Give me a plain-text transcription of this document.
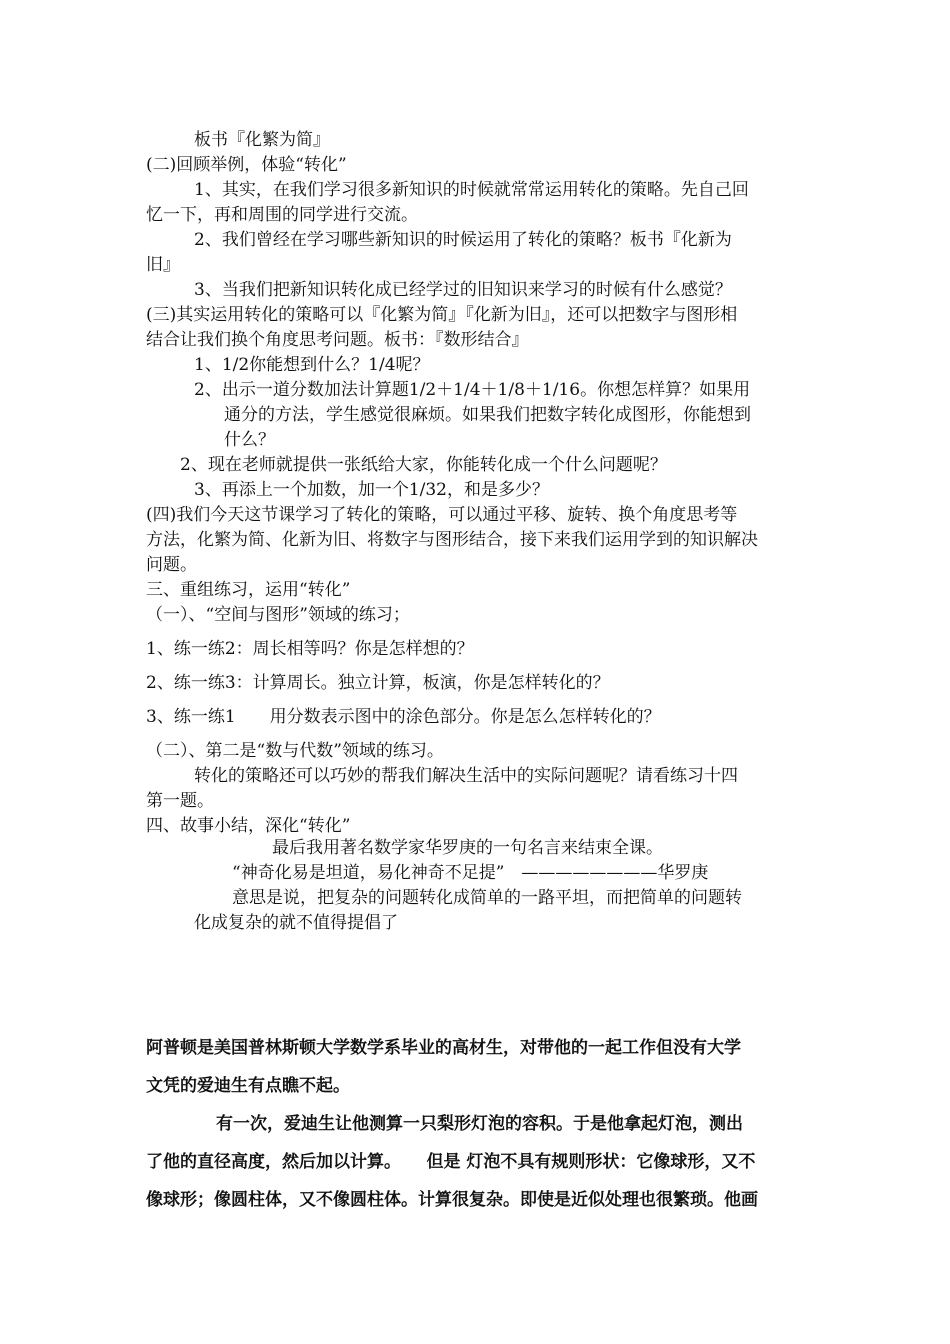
板书『化繁为简』
(二)回顾举例，体验“转化”
1、其实，在我们学习很多新知识的时候就常常运用转化的策略。先自己回
忆一下，再和周围的同学进行交流。
2、我们曾经在学习哪些新知识的时候运用了转化的策略？板书『化新为
旧』
3、当我们把新知识转化成已经学过的旧知识来学习的时候有什么感觉？
(三)其实运用转化的策略可以『化繁为简』『化新为旧』，还可以把数字与图形相
结合让我们换个角度思考问题。板书：『数形结合』
1、1/2你能想到什么？1/4呢？
2、出示一道分数加法计算题1/2＋1/4＋1/8＋1/16。你想怎样算？如果用
通分的方法，学生感觉很麻烦。如果我们把数字转化成图形，你能想到
什么？
2、现在老师就提供一张纸给大家，你能转化成一个什么问题呢？
3、再添上一个加数，加一个1/32，和是多少？
(四)我们今天这节课学习了转化的策略，可以通过平移、旋转、换个角度思考等
方法，化繁为简、化新为旧、将数字与图形结合，接下来我们运用学到的知识解决
问题。
三、重组练习，运用“转化”
（一）、“空间与图形”领域的练习；
1、练一练2：周长相等吗？你是怎样想的？
2、练一练3：计算周长。独立计算，板演，你是怎样转化的？
3、练一练1　　用分数表示图中的涂色部分。你是怎么怎样转化的？
（二）、第二是“数与代数”领域的练习。
转化的策略还可以巧妙的帮我们解决生活中的实际问题呢？请看练习十四
第一题。
四、故事小结，深化“转化”
最后我用著名数学家华罗庚的一句名言来结束全课。
“神奇化易是坦道，易化神奇不足提”　————————华罗庚
意思是说，把复杂的问题转化成简单的一路平坦，而把简单的问题转
化成复杂的就不值得提倡了
阿普顿是美国普林斯顿大学数学系毕业的高材生，对带他的一起工作但没有大学
文凭的爱迪生有点瞧不起。
有一次，爱迪生让他测算一只梨形灯泡的容积。于是他拿起灯泡，测出
了他的直径高度，然后加以计算。　　但是 灯泡不具有规则形状：它像球形，又不
像球形；像圆柱体，又不像圆柱体。计算很复杂。即使是近似处理也很繁琐。他画
